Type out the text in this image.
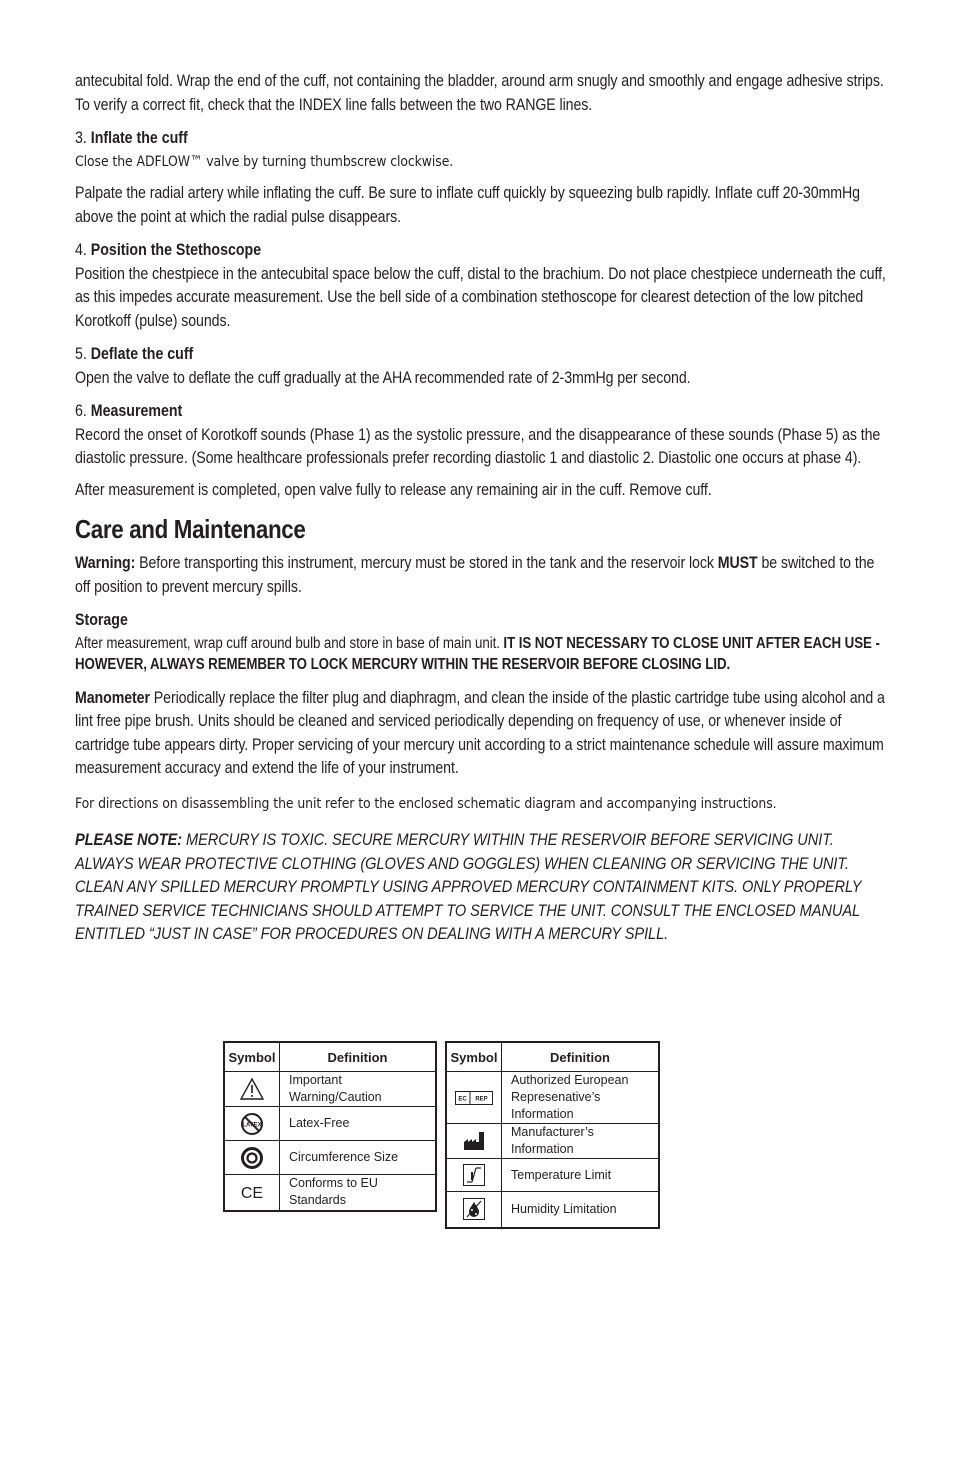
antecubital fold. Wrap the end of the cuff, not containing the bladder, around arm snugly and smoothly and engage adhesive strips. To verify a correct fit, check that the INDEX line falls between the two RANGE lines.

3. Inflate the cuff

Close the ADFLOW™ valve by turning thumbscrew clockwise.

Palpate the radial artery while inflating the cuff. Be sure to inflate cuff quickly by squeezing bulb rapidly. Inflate cuff 20-30mmHg above the point at which the radial pulse disappears.

4. Position the Stethoscope

Position the chestpiece in the antecubital space below the cuff, distal to the brachium. Do not place chestpiece underneath the cuff, as this impedes accurate measurement. Use the bell side of a combination stethoscope for clearest detection of the low pitched Korotkoff (pulse) sounds.

5. Deflate the cuff

Open the valve to deflate the cuff gradually at the AHA recommended rate of 2-3mmHg per second.

6. Measurement

Record the onset of Korotkoff sounds (Phase 1) as the systolic pressure, and the disappearance of these sounds (Phase 5) as the diastolic pressure. (Some healthcare professionals prefer recording diastolic 1 and diastolic 2. Diastolic one occurs at phase 4).

After measurement is completed, open valve fully to release any remaining air in the cuff. Remove cuff.

Care and Maintenance

Warning: Before transporting this instrument, mercury must be stored in the tank and the reservoir lock MUST be switched to the off position to prevent mercury spills.

Storage

After measurement, wrap cuff around bulb and store in base of main unit. IT IS NOT NECESSARY TO CLOSE UNIT AFTER EACH USE - HOWEVER, ALWAYS REMEMBER TO LOCK MERCURY WITHIN THE RESERVOIR BEFORE CLOSING LID.

Manometer Periodically replace the filter plug and diaphragm, and clean the inside of the plastic cartridge tube using alcohol and a lint free pipe brush. Units should be cleaned and serviced periodically depending on frequency of use, or whenever inside of cartridge tube appears dirty. Proper servicing of your mercury unit according to a strict maintenance schedule will assure maximum measurement accuracy and extend the life of your instrument.

For directions on disassembling the unit refer to the enclosed schematic diagram and accompanying instructions.

PLEASE NOTE: MERCURY IS TOXIC. SECURE MERCURY WITHIN THE RESERVOIR BEFORE SERVICING UNIT. ALWAYS WEAR PROTECTIVE CLOTHING (GLOVES AND GOGGLES) WHEN CLEANING OR SERVICING THE UNIT. CLEAN ANY SPILLED MERCURY PROMPTLY USING APPROVED MERCURY CONTAINMENT KITS. ONLY PROPERLY TRAINED SERVICE TECHNICIANS SHOULD ATTEMPT TO SERVICE THE UNIT. CONSULT THE ENCLOSED MANUAL ENTITLED “JUST IN CASE” FOR PROCEDURES ON DEALING WITH A MERCURY SPILL.

Symbol	Definition

	Important Warning/Caution

LATEX	Latex-Free

	Circumference Size

CE	Conforms to EU Standards
Symbol	Definition

EC REP	Authorized European Represenative’s Information

	Manufacturer’s Information

	Temperature Limit

	Humidity Limitation
